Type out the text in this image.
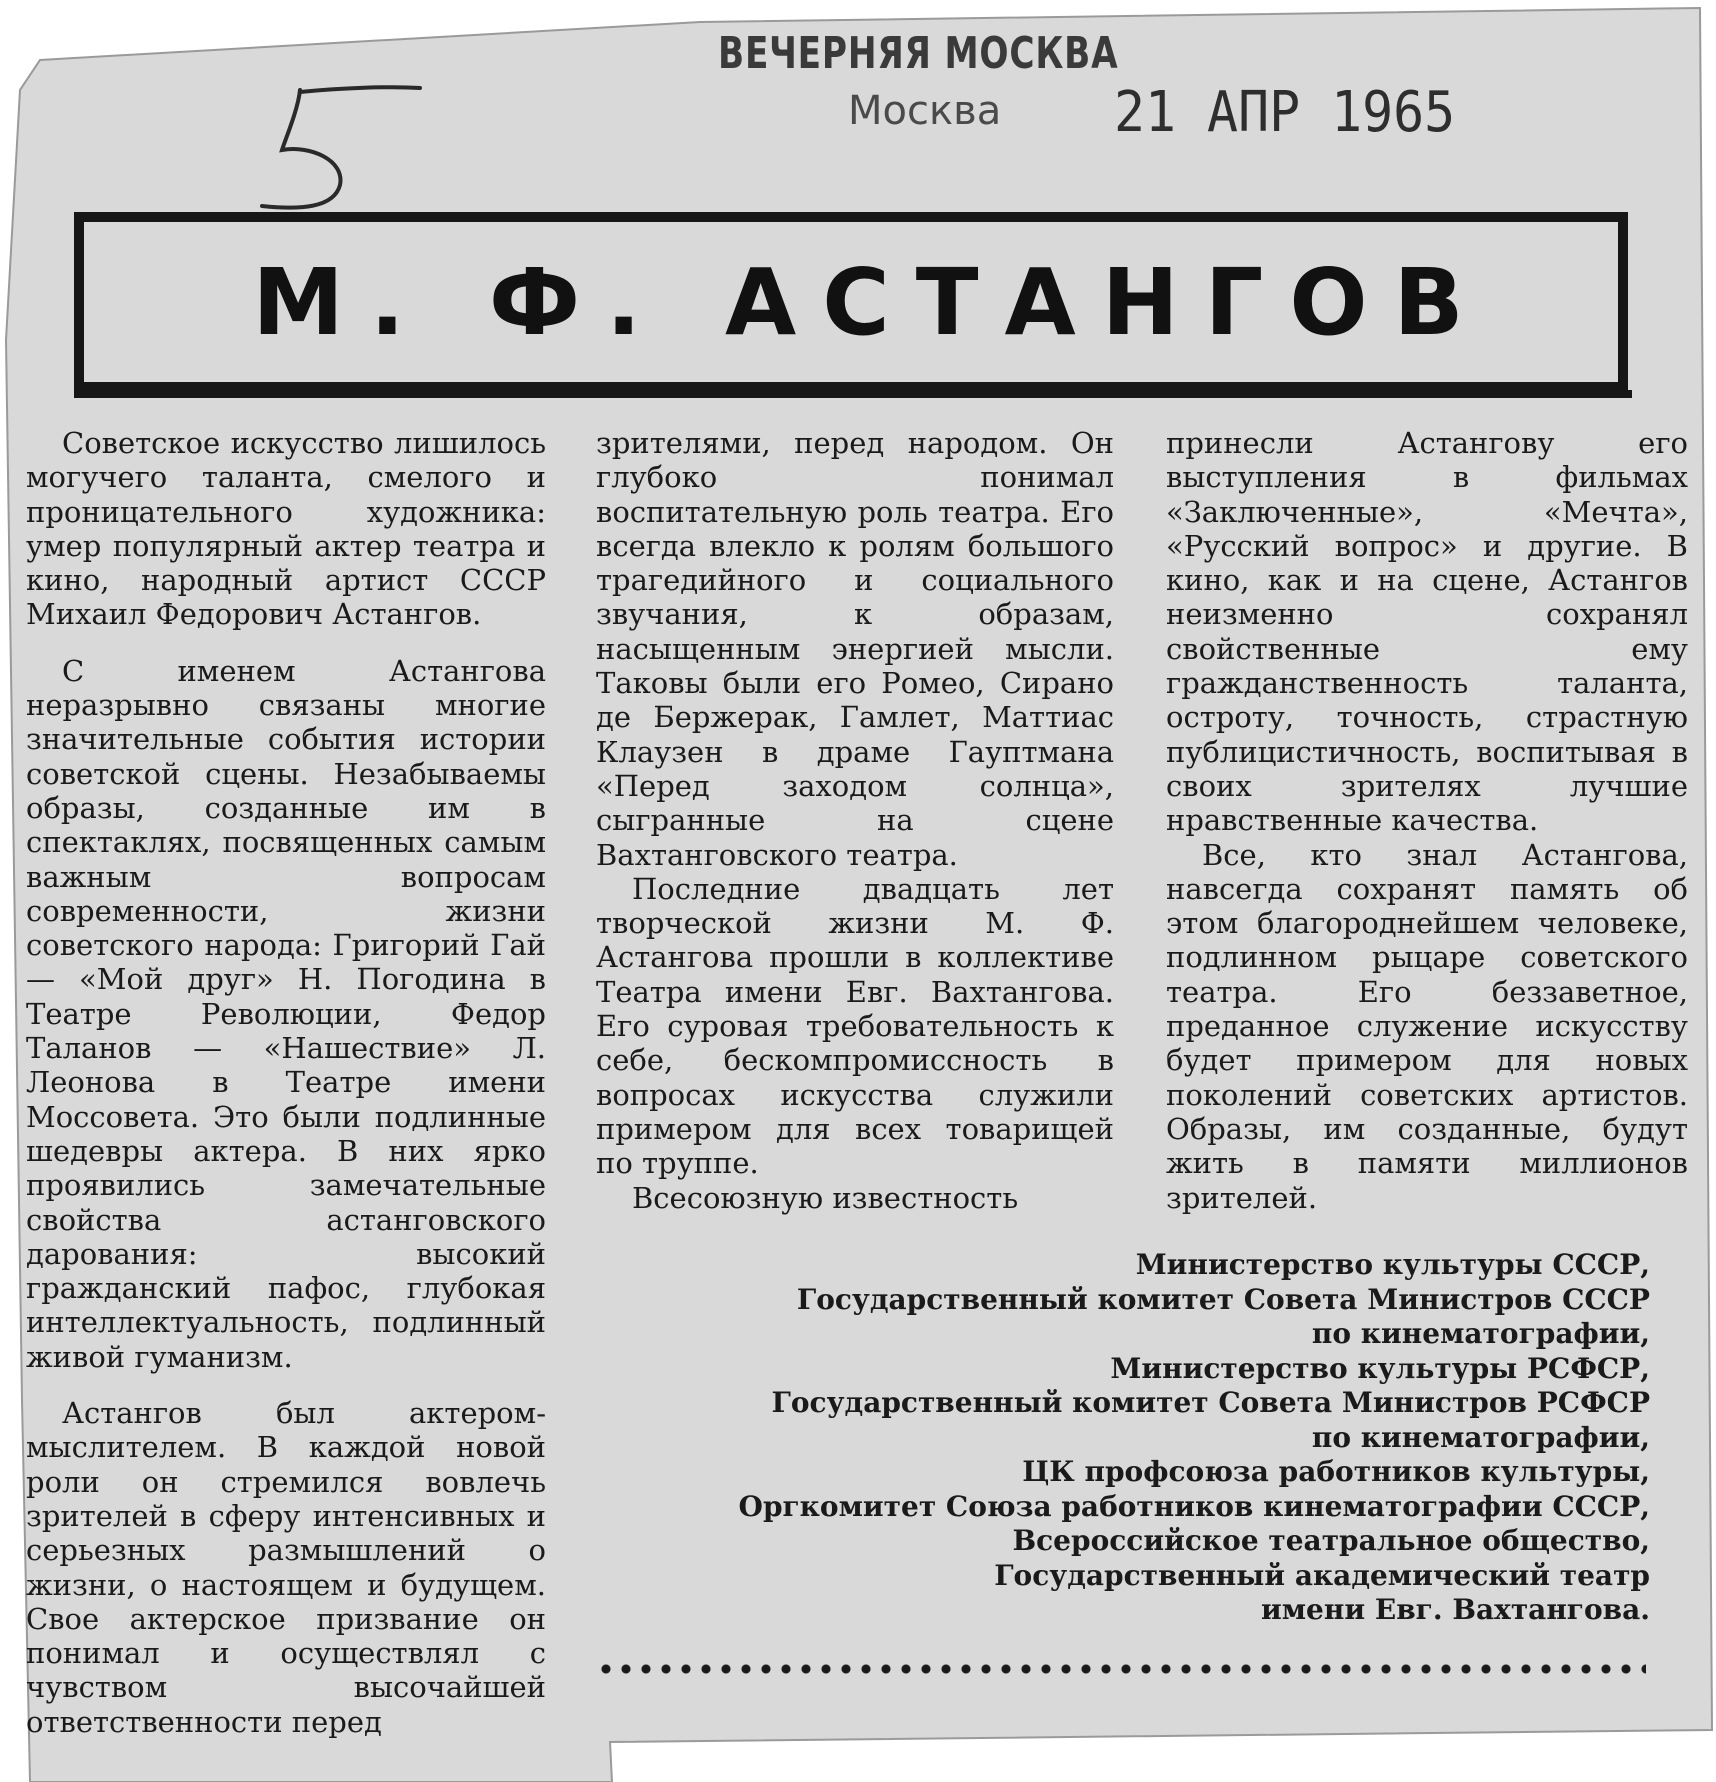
ВЕЧЕРНЯЯ МОСКВА
Москва 21 АПР 1965
М. Ф. АСТАНГОВ

Советское искусство лишилось могучего таланта, смелого и проницательного художника: умер популярный актер театра и кино, народный артист СССР Михаил Федорович Астангов.

С именем Астангова неразрывно связаны многие значительные события истории советской сцены. Незабываемы образы, созданные им в спектаклях, посвященных самым важным вопросам современности, жизни советского народа: Григорий Гай — «Мой друг» Н. Погодина в Театре Революции, Федор Таланов — «Нашествие» Л. Леонова в Театре имени Моссовета. Это были подлинные шедевры актера. В них ярко проявились замечательные свойства астанговского дарования: высокий гражданский пафос, глубокая интеллектуальность, подлинный живой гуманизм.

Астангов был актером-мыслителем. В каждой новой роли он стремился вовлечь зрителей в сферу интенсивных и серьезных размышлений о жизни, о настоящем и будущем. Свое актерское призвание он понимал и осуществлял с чувством высочайшей ответственности перед

зрителями, перед народом. Он глубоко понимал воспитательную роль театра. Его всегда влекло к ролям большого трагедийного и социального звучания, к образам, насыщенным энергией мысли. Таковы были его Ромео, Сирано де Бержерак, Гамлет, Маттиас Клаузен в драме Гауптмана «Перед заходом солнца», сыгранные на сцене Вахтанговского театра.

Последние двадцать лет творческой жизни М. Ф. Астангова прошли в коллективе Театра имени Евг. Вахтангова. Его суровая требовательность к себе, бескомпромиссность в вопросах искусства служили примером для всех товарищей по труппе.

Всесоюзную известность

принесли Астангову его выступления в фильмах «Заключенные», «Мечта», «Русский вопрос» и другие. В кино, как и на сцене, Астангов неизменно сохранял свойственные ему гражданственность таланта, остроту, точность, страстную публицистичность, воспитывая в своих зрителях лучшие нравственные качества.

Все, кто знал Астангова, навсегда сохранят память об этом благороднейшем человеке, подлинном рыцаре советского театра. Его беззаветное, преданное служение искусству будет примером для новых поколений советских артистов. Образы, им созданные, будут жить в памяти миллионов зрителей.

Министерство культуры СССР,
Государственный комитет Совета Министров СССР
по кинематографии,
Министерство культуры РСФСР,
Государственный комитет Совета Министров РСФСР
по кинематографии,
ЦК профсоюза работников культуры,
Оргкомитет Союза работников кинематографии СССР,
Всероссийское театральное общество,
Государственный академический театр
имени Евг. Вахтангова.
